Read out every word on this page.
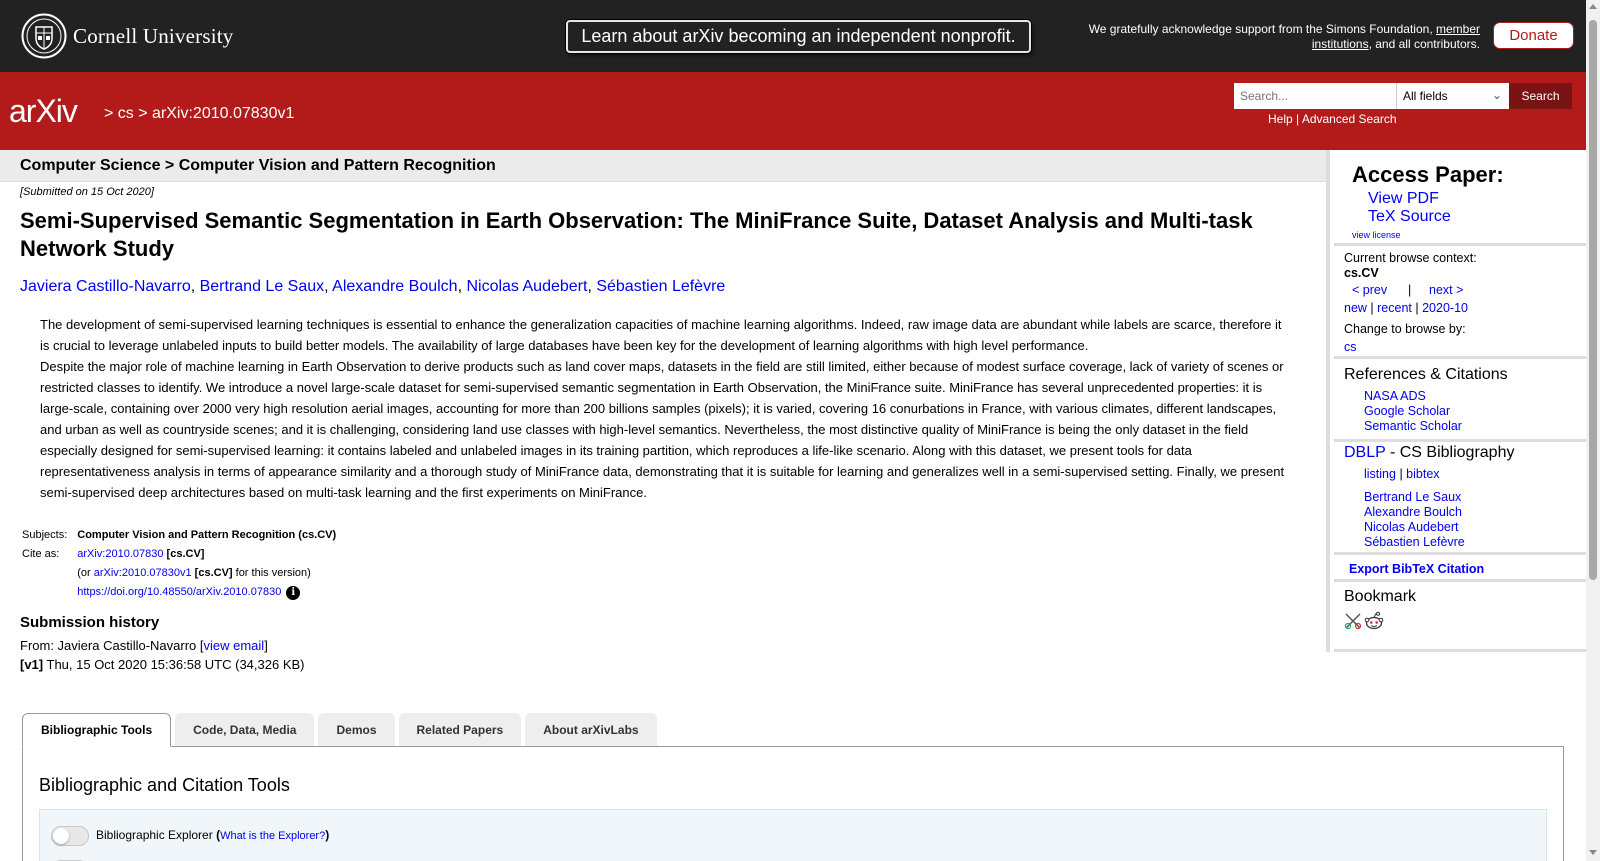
Cornell University	Learn about arXiv becoming an independent nonprofit.	We gratefully acknowledge support from the Simons Foundation, member institutions, and all contributors.	Donate
arXiv > cs > arXiv:2010.07830v1
Search...
All fields	⌄	Search
Help | Advanced Search
Computer Science > Computer Vision and Pattern Recognition
[Submitted on 15 Oct 2020]
Semi-Supervised Semantic Segmentation in Earth Observation: The MiniFrance Suite, Dataset Analysis and Multi-task Network Study
Javiera Castillo-Navarro, Bertrand Le Saux, Alexandre Boulch, Nicolas Audebert, Sébastien Lefèvre
The development of semi-supervised learning techniques is essential to enhance the generalization capacities of machine learning algorithms. Indeed, raw image data are abundant while labels are scarce, therefore it is crucial to leverage unlabeled inputs to build better models. The availability of large databases have been key for the development of learning algorithms with high level performance.
Despite the major role of machine learning in Earth Observation to derive products such as land cover maps, datasets in the field are still limited, either because of modest surface coverage, lack of variety of scenes or restricted classes to identify. We introduce a novel large-scale dataset for semi-supervised semantic segmentation in Earth Observation, the MiniFrance suite. MiniFrance has several unprecedented properties: it is large-scale, containing over 2000 very high resolution aerial images, accounting for more than 200 billions samples (pixels); it is varied, covering 16 conurbations in France, with various climates, different landscapes, and urban as well as countryside scenes; and it is challenging, considering land use classes with high-level semantics. Nevertheless, the most distinctive quality of MiniFrance is being the only dataset in the field especially designed for semi-supervised learning: it contains labeled and unlabeled images in its training partition, which reproduces a life-like scenario. Along with this dataset, we present tools for data representativeness analysis in terms of appearance similarity and a thorough study of MiniFrance data, demonstrating that it is suitable for learning and generalizes well in a semi-supervised setting. Finally, we present semi-supervised deep architectures based on multi-task learning and the first experiments on MiniFrance.
Subjects:	Computer Vision and Pattern Recognition (cs.CV)
Cite as:	arXiv:2010.07830 [cs.CV]
(or arXiv:2010.07830v1 [cs.CV] for this version)
https://doi.org/10.48550/arXiv.2010.07830 i
Submission history
From: Javiera Castillo-Navarro [view email]
[v1] Thu, 15 Oct 2020 15:36:58 UTC (34,326 KB)
Bibliographic Tools	Code, Data, Media	Demos	Related Papers	About arXivLabs
Bibliographic and Citation Tools
Bibliographic Explorer (What is the Explorer?)
Access Paper:
View PDF
TeX Source
view license
Current browse context:
cs.CV
< prev | next >
new | recent | 2020-10
Change to browse by:
cs
References & Citations
NASA ADS
Google Scholar
Semantic Scholar
DBLP - CS Bibliography
listing | bibtex
Bertrand Le Saux
Alexandre Boulch
Nicolas Audebert
Sébastien Lefèvre
Export BibTeX Citation
Bookmark
